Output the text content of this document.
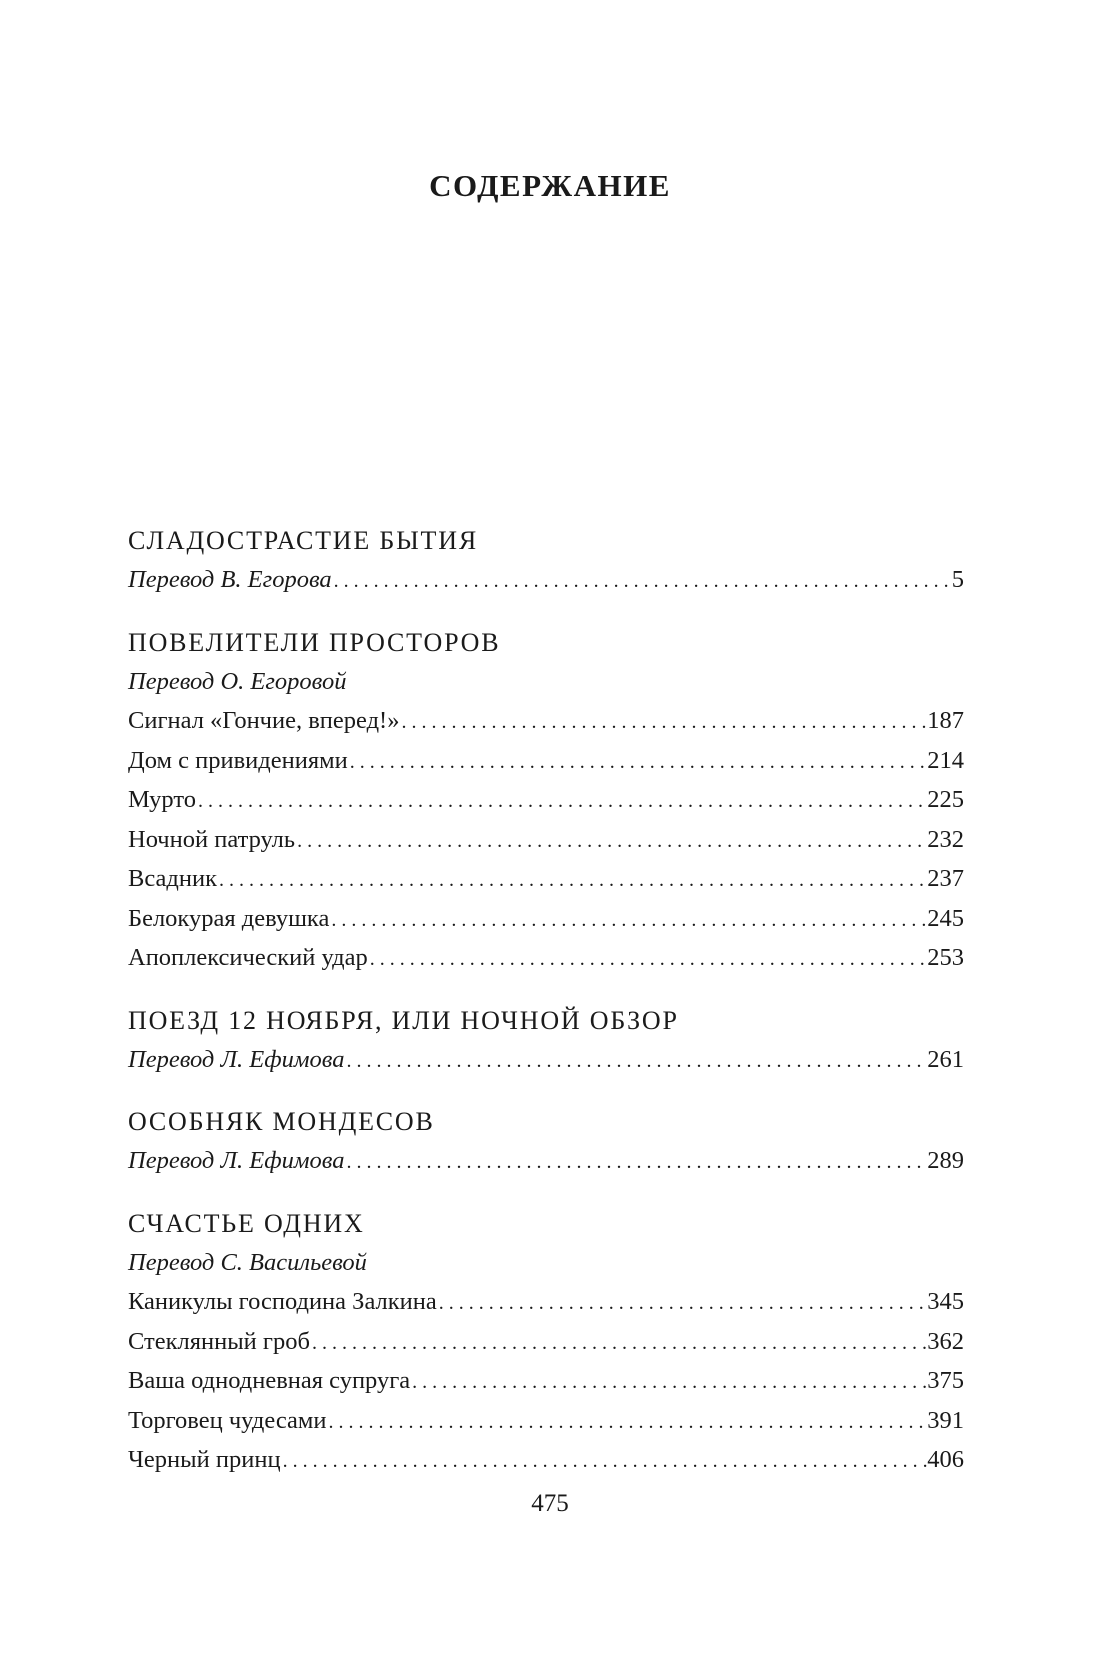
СОДЕРЖАНИЕ
СЛАДОСТРАСТИЕ БЫТИЯ
Перевод В. Егорова . . .	5
ПОВЕЛИТЕЛИ ПРОСТОРОВ
Перевод О. Егоровой
Сигнал «Гончие, вперед!» . . .	187
Дом с привидениями . . .	214
Мурто . . .	225
Ночной патруль . . .	232
Всадник . . .	237
Белокурая девушка . . .	245
Апоплексический удар . . .	253
ПОЕЗД 12 НОЯБРЯ, ИЛИ НОЧНОЙ ОБЗОР
Перевод Л. Ефимова . . .	261
ОСОБНЯК МОНДЕСОВ
Перевод Л. Ефимова . . .	289
СЧАСТЬЕ ОДНИХ
Перевод С. Васильевой
Каникулы господина Залкина . . .	345
Стеклянный гроб . . .	362
Ваша однодневная супруга . . .	375
Торговец чудесами . . .	391
Черный принц . . .	406
475
